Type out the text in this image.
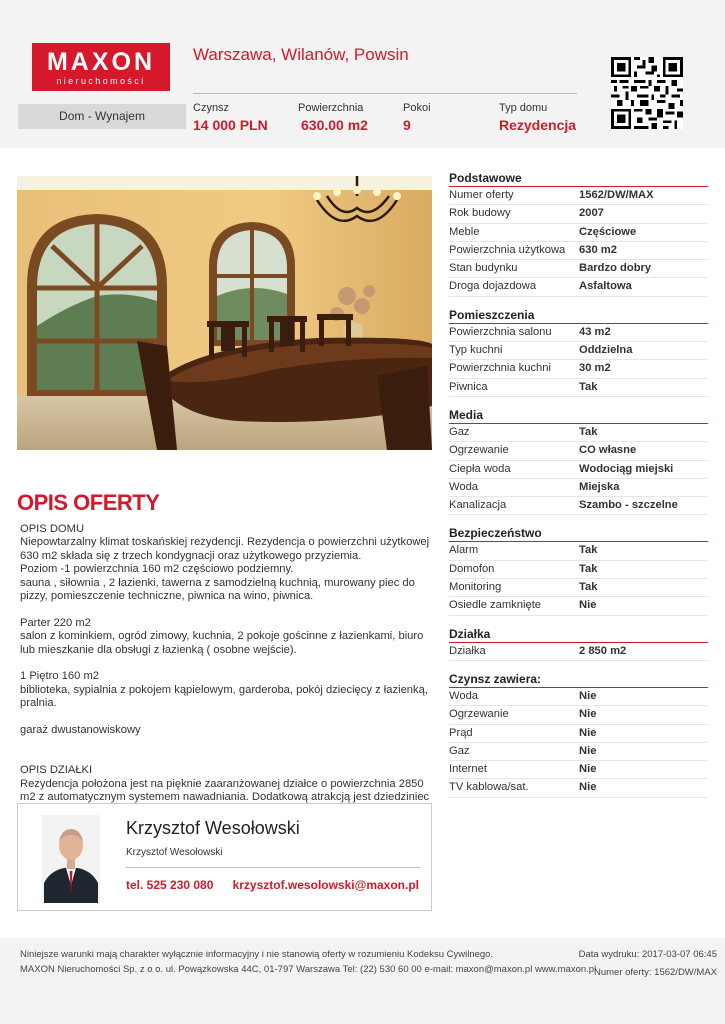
MAXON
nieruchomości
Warszawa, Wilanów, Powsin
Dom - Wynajem
Czynsz
14 000 PLN
Powierzchnia
630.00 m2
Pokoi
9
Typ domu
Rezydencja
OPIS OFERTY
OPIS DOMU
Niepowtarzalny klimat toskańskiej rezydencji. Rezydencja o powierzchni użytkowej 630 m2 składa się z trzech kondygnacji oraz użytkowego przyziemia.
Poziom -1 powierzchnia 160 m2 częściowo podziemny.
sauna , siłownia , 2 łazienki, tawerna z samodzielną kuchnią, murowany piec do pizzy, pomieszczenie techniczne, piwnica na wino, piwnica.

Parter 220 m2
salon z kominkiem, ogród zimowy, kuchnia, 2 pokoje gościnne z łazienkami, biuro lub mieszkanie dla obsługi z łazienką ( osobne wejście).

1 Piętro 160 m2
biblioteka, sypialnia z pokojem kąpielowym, garderoba, pokój dziecięcy z łazienką, pralnia.

garaż dwustanowiskowy

OPIS DZIAŁKI
Rezydencja położona jest na pięknie zaaranżowanej działce o powierzchnia 2850 m2 z automatycznym systemem nawadniania. Dodatkową atrakcją jest dziedziniec
Krzysztof Wesołowski
Krzysztof Wesołowski
tel. 525 230 080 krzysztof.wesolowski@maxon.pl
Podstawowe
Numer oferty	1562/DW/MAX
Rok budowy	2007
Meble	Częściowe
Powierzchnia użytkowa	630 m2
Stan budynku	Bardzo dobry
Droga dojazdowa	Asfaltowa
Pomieszczenia
Powierzchnia salonu	43 m2
Typ kuchni	Oddzielna
Powierzchnia kuchni	30 m2
Piwnica	Tak
Media
Gaz	Tak
Ogrzewanie	CO własne
Ciepła woda	Wodociąg miejski
Woda	Miejska
Kanalizacja	Szambo - szczelne
Bezpieczeństwo
Alarm	Tak
Domofon	Tak
Monitoring	Tak
Osiedle zamknięte	Nie
Działka
Działka	2 850 m2
Czynsz zawiera:
Woda	Nie
Ogrzewanie	Nie
Prąd	Nie
Gaz	Nie
Internet	Nie
TV kablowa/sat.	Nie
Niniejsze warunki mają charakter wyłącznie informacyjny i nie stanowią oferty w rozumieniu Kodeksu Cywilnego.
MAXON Nieruchomości Sp. z o o. ul. Powązkowska 44C, 01-797 Warszawa Tel: (22) 530 60 00 e-mail: maxon@maxon.pl www.maxon.pl
Data wydruku: 2017-03-07 06:45
Numer oferty: 1562/DW/MAX
